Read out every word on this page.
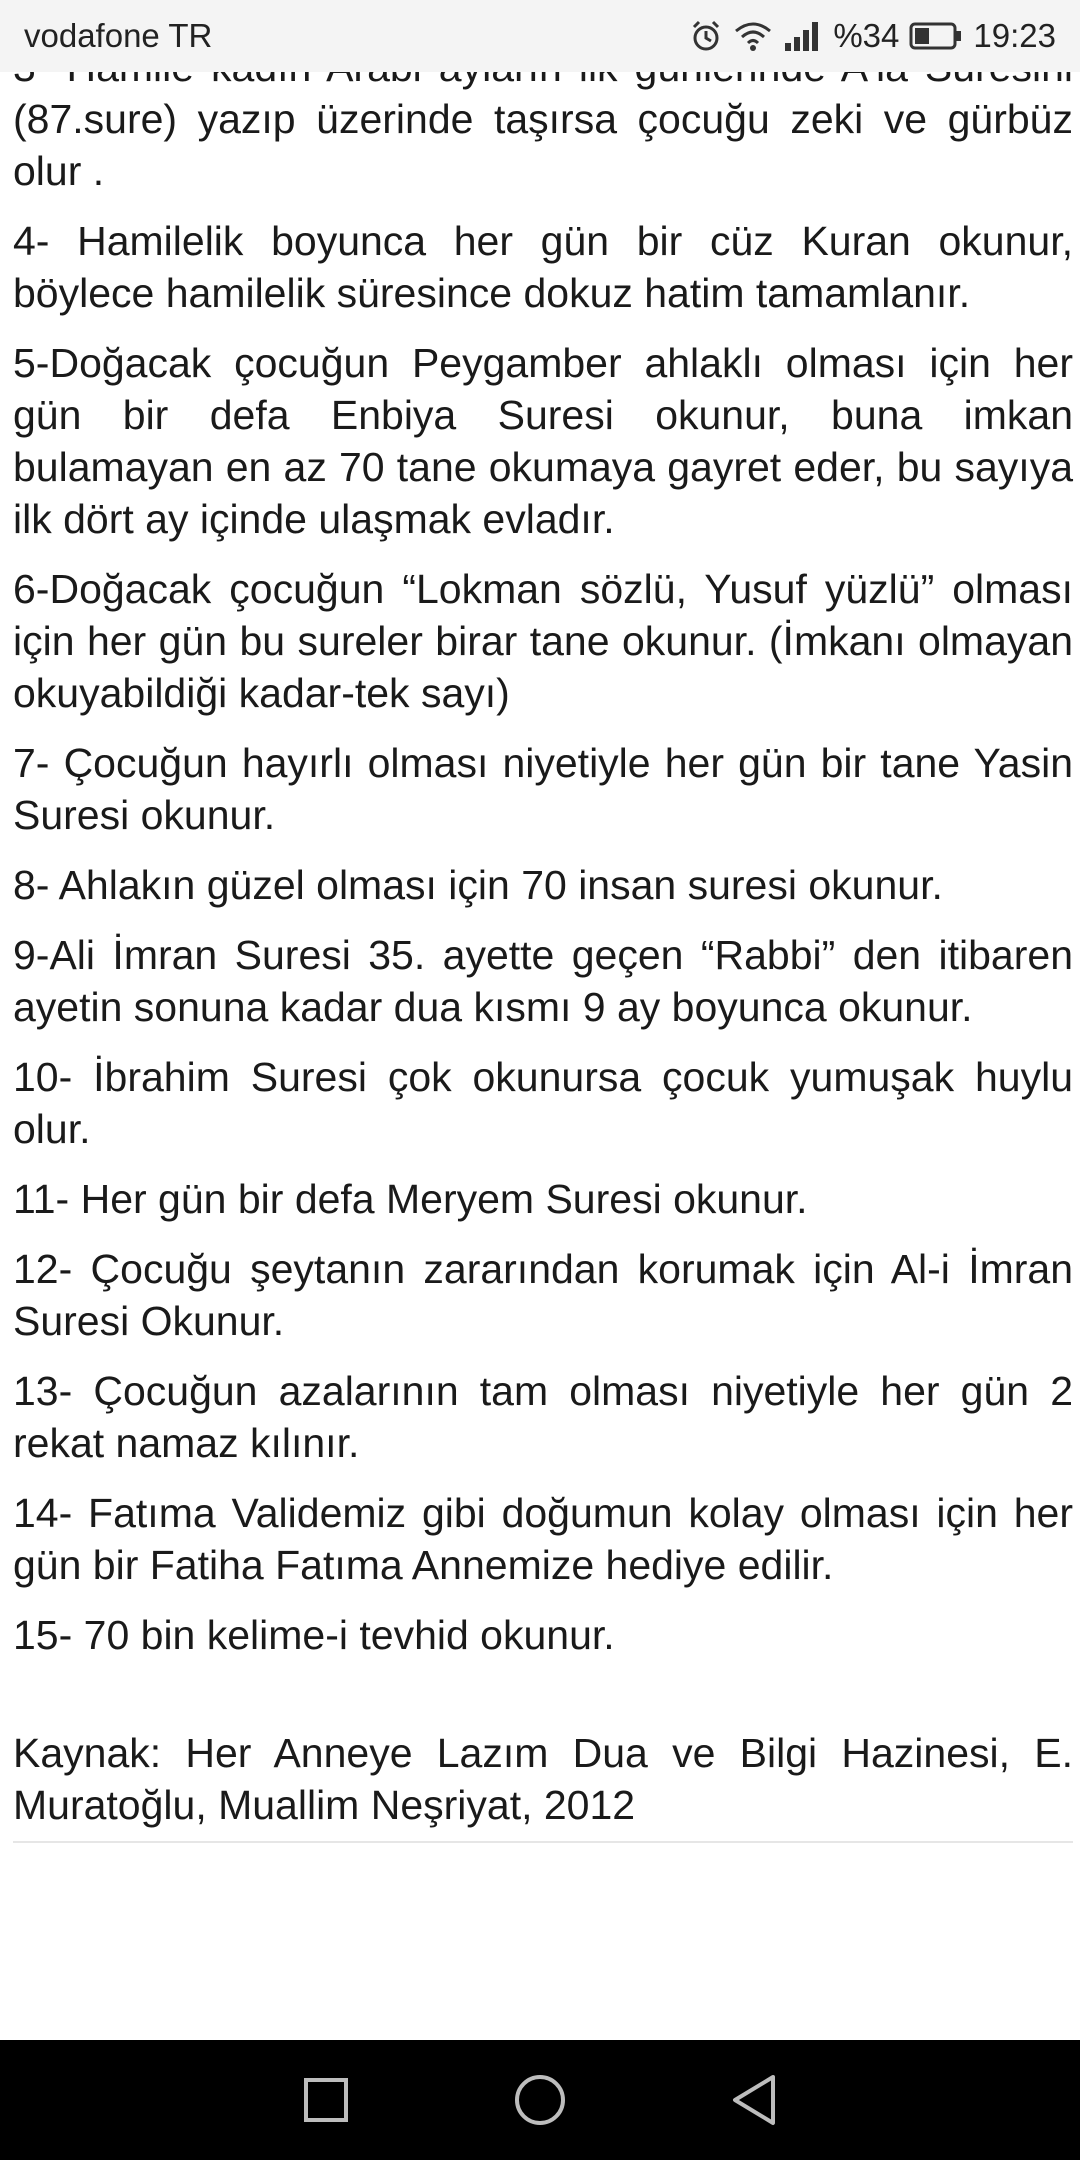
vodafone TR	%34 19:23

(87.sure) yazıp üzerinde taşırsa çocuğu zeki ve gürbüz olur .

4- Hamilelik boyunca her gün bir cüz Kuran okunur, böylece hamilelik süresince dokuz hatim tamamlanır.

5-Doğacak çocuğun Peygamber ahlaklı olması için her gün bir defa Enbiya Suresi okunur, buna imkan bulamayan en az 70 tane okumaya gayret eder, bu sayıya ilk dört ay içinde ulaşmak evladır.

6-Doğacak çocuğun “Lokman sözlü, Yusuf yüzlü” olması için her gün bu sureler birar tane okunur. (İmkanı olmayan okuyabildiği kadar-tek sayı)

7- Çocuğun hayırlı olması niyetiyle her gün bir tane Yasin Suresi okunur.

8- Ahlakın güzel olması için 70 insan suresi okunur.

9-Ali İmran Suresi 35. ayette geçen “Rabbi” den itibaren ayetin sonuna kadar dua kısmı 9 ay boyunca okunur.

10- İbrahim Suresi çok okunursa çocuk yumuşak huylu olur.

11- Her gün bir defa Meryem Suresi okunur.

12- Çocuğu şeytanın zararından korumak için Al-i İmran Suresi Okunur.

13- Çocuğun azalarının tam olması niyetiyle her gün 2 rekat namaz kılınır.

14- Fatıma Validemiz gibi doğumun kolay olması için her gün bir Fatiha Fatıma Annemize hediye edilir.

15- 70 bin kelime-i tevhid okunur.

Kaynak: Her Anneye Lazım Dua ve Bilgi Hazinesi, E. Muratoğlu, Muallim Neşriyat, 2012
